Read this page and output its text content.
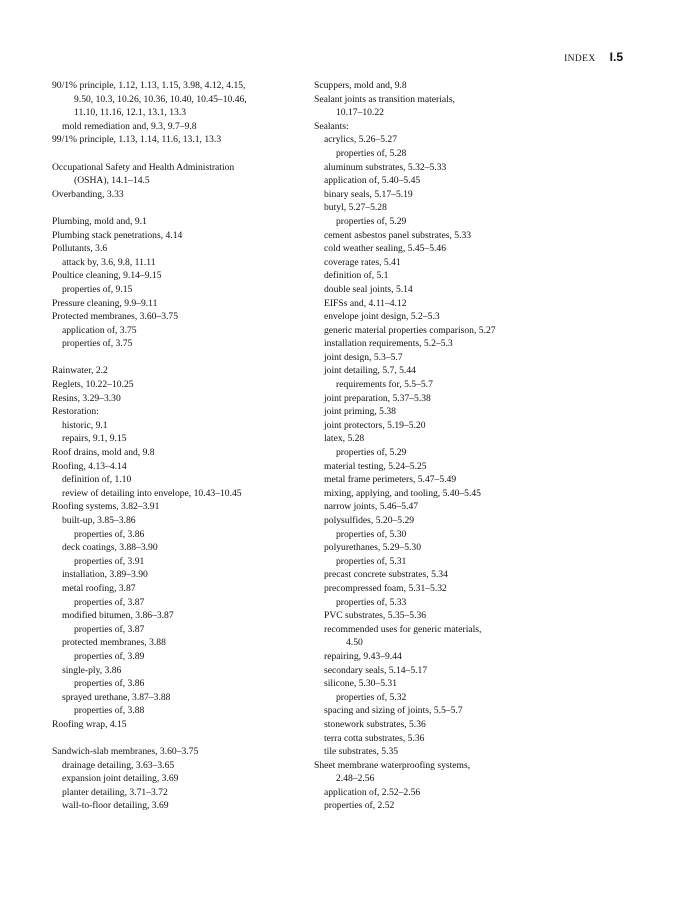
INDEX I.5
90/1% principle, 1.12, 1.13, 1.15, 3.98, 4.12, 4.15,
9.50, 10.3, 10.26, 10.36, 10.40, 10.45–10.46,
11.10, 11.16, 12.1, 13.1, 13.3
mold remediation and, 9.3, 9.7–9.8
99/1% principle, 1.13, 1.14, 11.6, 13.1, 13.3
Occupational Safety and Health Administration
(OSHA), 14.1–14.5
Overbanding, 3.33
Plumbing, mold and, 9.1
Plumbing stack penetrations, 4.14
Pollutants, 3.6
attack by, 3.6, 9.8, 11.11
Poultice cleaning, 9.14–9.15
properties of, 9.15
Pressure cleaning, 9.9–9.11
Protected membranes, 3.60–3.75
application of, 3.75
properties of, 3.75
Rainwater, 2.2
Reglets, 10.22–10.25
Resins, 3.29–3.30
Restoration:
historic, 9.1
repairs, 9.1, 9.15
Roof drains, mold and, 9.8
Roofing, 4.13–4.14
definition of, 1.10
review of detailing into envelope, 10.43–10.45
Roofing systems, 3.82–3.91
built-up, 3.85–3.86
properties of, 3.86
deck coatings, 3.88–3.90
properties of, 3.91
installation, 3.89–3.90
metal roofing, 3.87
properties of, 3.87
modified bitumen, 3.86–3.87
properties of, 3.87
protected membranes, 3.88
properties of, 3.89
single-ply, 3.86
properties of, 3.86
sprayed urethane, 3.87–3.88
properties of, 3.88
Roofing wrap, 4.15
Sandwich-slab membranes, 3.60–3.75
drainage detailing, 3.63–3.65
expansion joint detailing, 3.69
planter detailing, 3.71–3.72
wall-to-floor detailing, 3.69
Scuppers, mold and, 9.8
Sealant joints as transition materials,
10.17–10.22
Sealants:
acrylics, 5.26–5.27
properties of, 5.28
aluminum substrates, 5.32–5.33
application of, 5.40–5.45
binary seals, 5.17–5.19
butyl, 5.27–5.28
properties of, 5.29
cement asbestos panel substrates, 5.33
cold weather sealing, 5.45–5.46
coverage rates, 5.41
definition of, 5.1
double seal joints, 5.14
EIFSs and, 4.11–4.12
envelope joint design, 5.2–5.3
generic material properties comparison, 5.27
installation requirements, 5.2–5.3
joint design, 5.3–5.7
joint detailing, 5.7, 5.44
requirements for, 5.5–5.7
joint preparation, 5.37–5.38
joint priming, 5.38
joint protectors, 5.19–5.20
latex, 5.28
properties of, 5.29
material testing, 5.24–5.25
metal frame perimeters, 5.47–5.49
mixing, applying, and tooling, 5.40–5.45
narrow joints, 5.46–5.47
polysulfides, 5.20–5.29
properties of, 5.30
polyurethanes, 5.29–5.30
properties of, 5.31
precast concrete substrates, 5.34
precompressed foam, 5.31–5.32
properties of, 5.33
PVC substrates, 5.35–5.36
recommended uses for generic materials,
4.50
repairing, 9.43–9.44
secondary seals, 5.14–5.17
silicone, 5.30–5.31
properties of, 5.32
spacing and sizing of joints, 5.5–5.7
stonework substrates, 5.36
terra cotta substrates, 5.36
tile substrates, 5.35
Sheet membrane waterproofing systems,
2.48–2.56
application of, 2.52–2.56
properties of, 2.52
